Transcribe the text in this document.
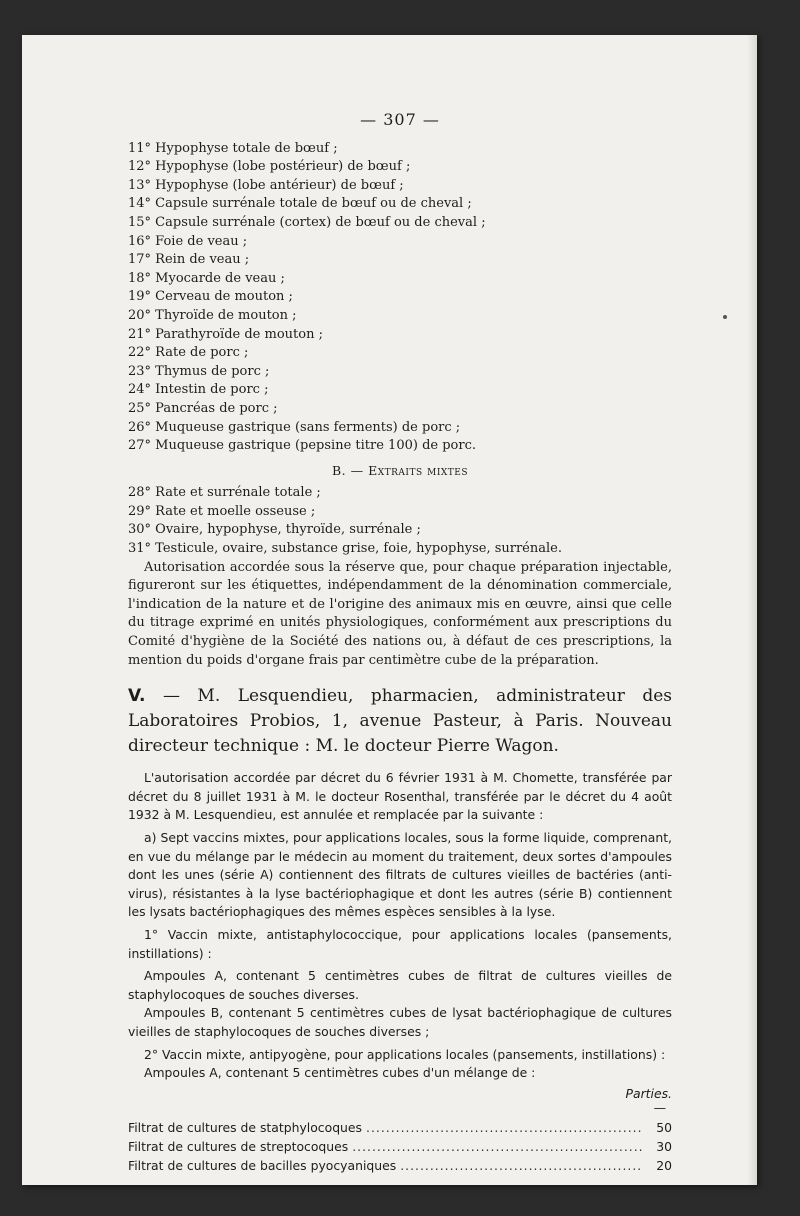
— 307 —
11° Hypophyse totale de bœuf ;
12° Hypophyse (lobe postérieur) de bœuf ;
13° Hypophyse (lobe antérieur) de bœuf ;
14° Capsule surrénale totale de bœuf ou de cheval ;
15° Capsule surrénale (cortex) de bœuf ou de cheval ;
16° Foie de veau ;
17° Rein de veau ;
18° Myocarde de veau ;
19° Cerveau de mouton ;
20° Thyroïde de mouton ;
21° Parathyroïde de mouton ;
22° Rate de porc ;
23° Thymus de porc ;
24° Intestin de porc ;
25° Pancréas de porc ;
26° Muqueuse gastrique (sans ferments) de porc ;
27° Muqueuse gastrique (pepsine titre 100) de porc.
B. — Extraits mixtes
28° Rate et surrénale totale ;
29° Rate et moelle osseuse ;
30° Ovaire, hypophyse, thyroïde, surrénale ;
31° Testicule, ovaire, substance grise, foie, hypophyse, surrénale.

Autorisation accordée sous la réserve que, pour chaque préparation injectable, figureront sur les étiquettes, indépendamment de la dénomination commerciale, l'indication de la nature et de l'origine des animaux mis en œuvre, ainsi que celle du titrage exprimé en unités physiologiques, conformément aux prescriptions du Comité d'hygiène de la Société des nations ou, à défaut de ces prescriptions, la mention du poids d'organe frais par centimètre cube de la préparation.

V. — M. Lesquendieu, pharmacien, administrateur des Laboratoires Probios, 1, avenue Pasteur, à Paris. Nouveau directeur technique : M. le docteur Pierre Wagon.

L'autorisation accordée par décret du 6 février 1931 à M. Chomette, transférée par décret du 8 juillet 1931 à M. le docteur Rosenthal, transférée par le décret du 4 août 1932 à M. Lesquendieu, est annulée et remplacée par la suivante :

a) Sept vaccins mixtes, pour applications locales, sous la forme liquide, comprenant, en vue du mélange par le médecin au moment du traitement, deux sortes d'ampoules dont les unes (série A) contiennent des filtrats de cultures vieilles de bactéries (anti-virus), résistantes à la lyse bactériophagique et dont les autres (série B) contiennent les lysats bactériophagiques des mêmes espèces sensibles à la lyse.

1° Vaccin mixte, antistaphylococcique, pour applications locales (pansements, instillations) :

Ampoules A, contenant 5 centimètres cubes de filtrat de cultures vieilles de staphylocoques de souches diverses.

Ampoules B, contenant 5 centimètres cubes de lysat bactériophagique de cultures vieilles de staphylocoques de souches diverses ;

2° Vaccin mixte, antipyogène, pour applications locales (pansements, instillations) :

Ampoules A, contenant 5 centimètres cubes d'un mélange de :

Parties.
—
Filtrat de cultures de statphylocoques .....	50
Filtrat de cultures de streptocoques .....	30
Filtrat de cultures de bacilles pyocyaniques .....	20
